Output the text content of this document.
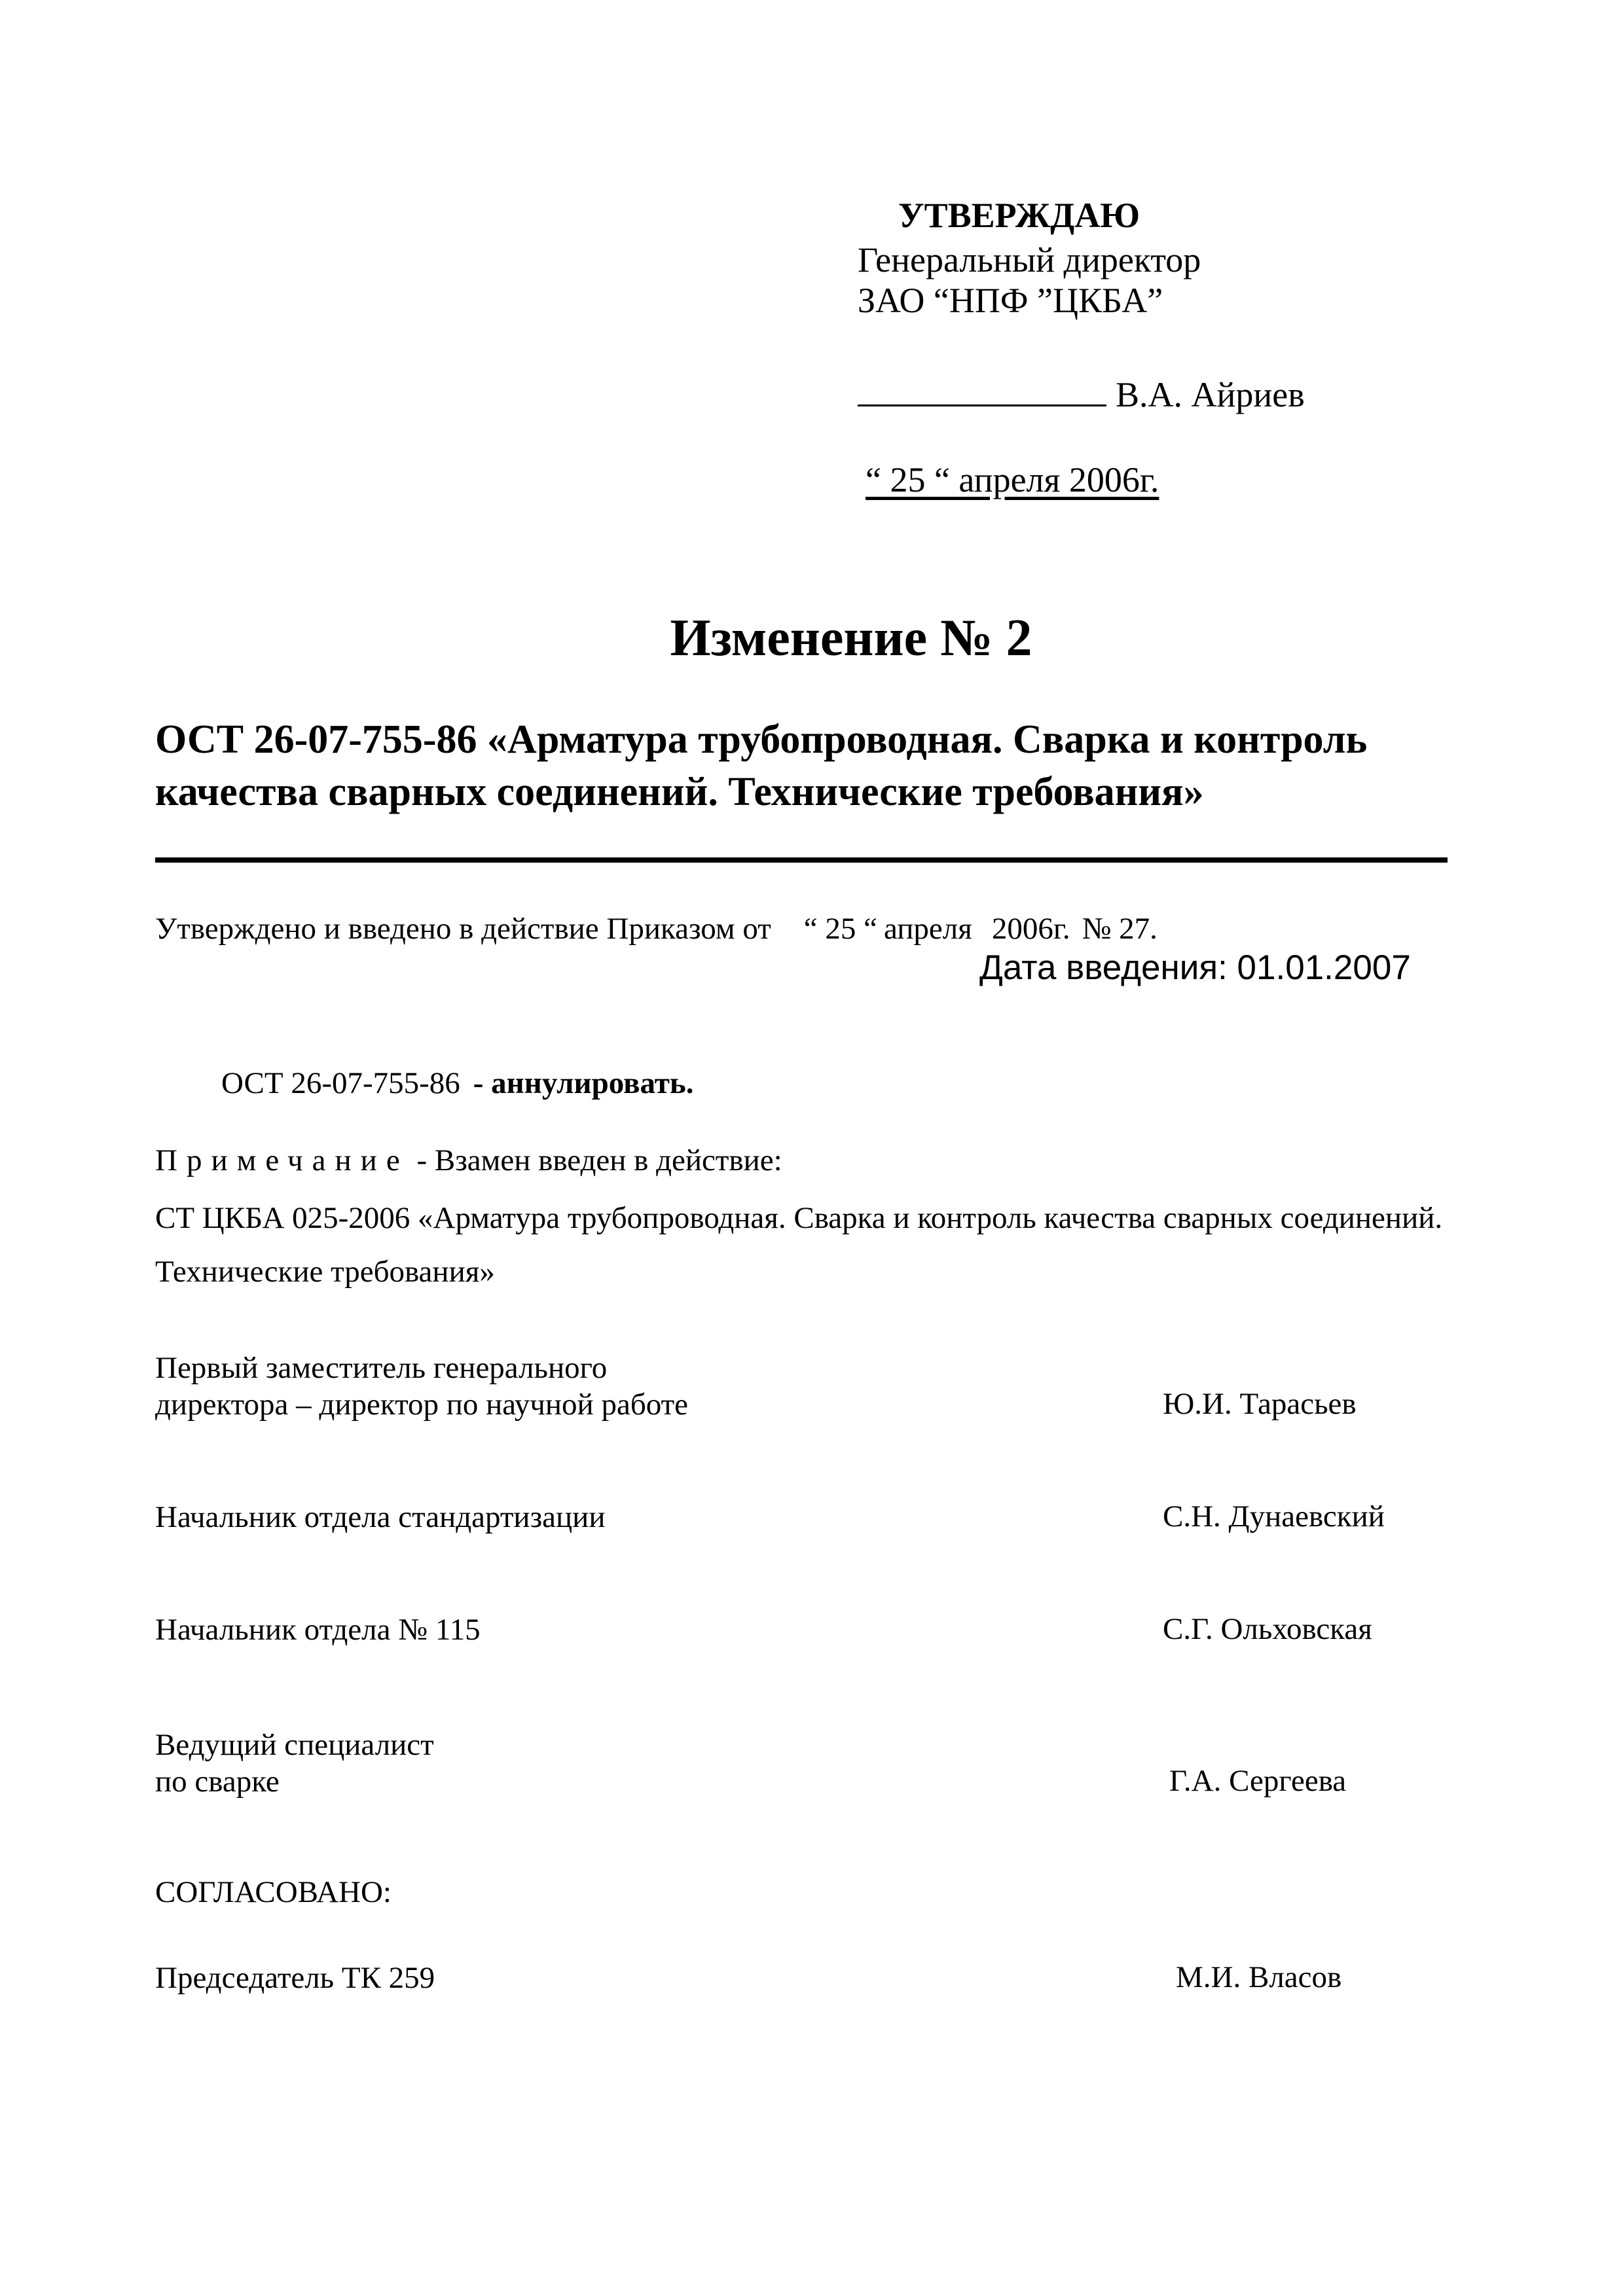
УТВЕРЖДАЮ
Генеральный директор
ЗАО “НПФ ”ЦКБА”
В.А. Айриев
“ 25 “ апреля 2006г.
Изменение № 2
ОСТ 26-07-755-86 «Арматура трубопроводная. Сварка и контроль
качества сварных соединений. Технические требования»
Утверждено и введено в действие Приказом от “ 25 “ апреля 2006г. № 27.
Дата введения: 01.01.2007
ОСТ 26-07-755-86 - аннулировать.
Примечание - Взамен введен в действие:
СТ ЦКБА 025-2006 «Арматура трубопроводная. Сварка и контроль качества сварных соединений.
Технические требования»
Первый заместитель генерального
директора – директор по научной работе	Ю.И. Тарасьев
Начальник отдела стандартизации	С.Н. Дунаевский
Начальник отдела № 115	С.Г. Ольховская
Ведущий специалист
по сварке	Г.А. Сергеева
СОГЛАСОВАНО:
Председатель ТК 259	М.И. Власов
